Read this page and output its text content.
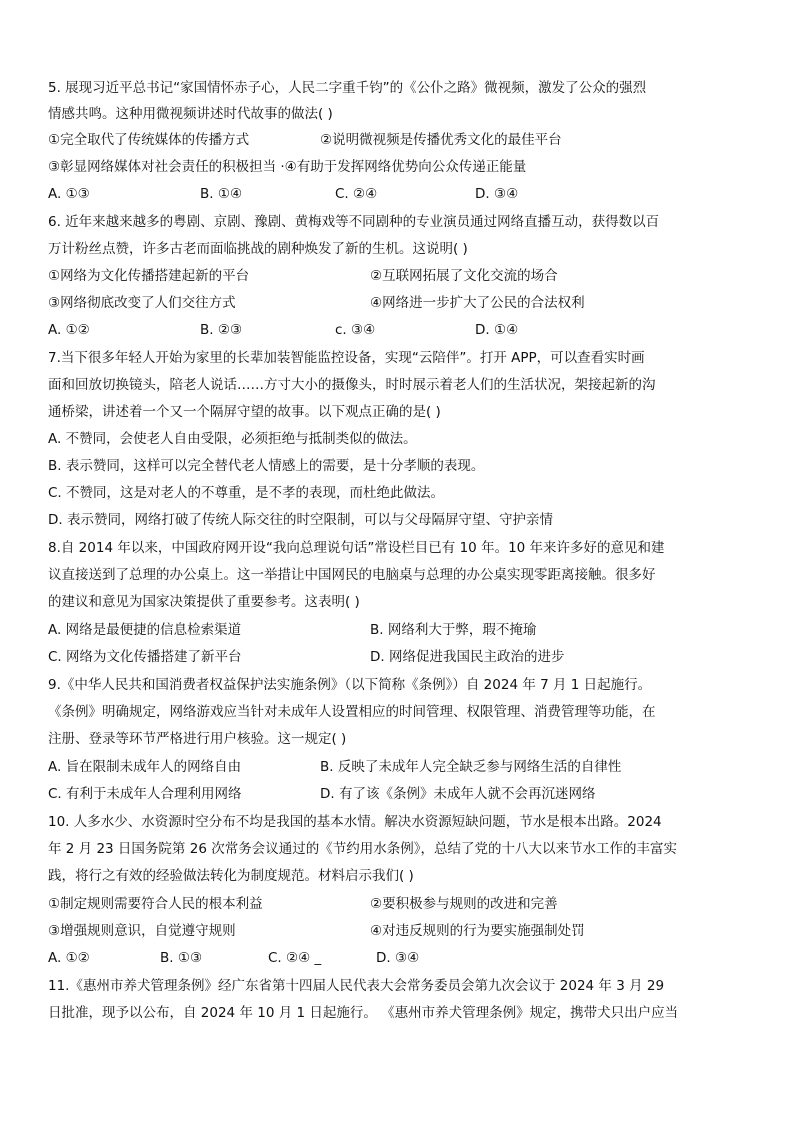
5. 展现习近平总书记“家国情怀赤子心，人民二字重千钧”的《公仆之路》微视频，激发了公众的强烈
情感共鸣。这种用微视频讲述时代故事的做法( )
①完全取代了传统媒体的传播方式	②说明微视频是传播优秀文化的最佳平台
③彰显网络媒体对社会责任的积极担当 ·④有助于发挥网络优势向公众传递正能量
A. ①③	B. ①④	C. ②④	D. ③④
6. 近年来越来越多的粤剧、京剧、豫剧、黄梅戏等不同剧种的专业演员通过网络直播互动，获得数以百
万计粉丝点赞，许多古老而面临挑战的剧种焕发了新的生机。这说明( )
①网络为文化传播搭建起新的平台	②互联网拓展了文化交流的场合
③网络彻底改变了人们交往方式	④网络进一步扩大了公民的合法权利
A. ①②	B. ②③	c. ③④	D. ①④
7.当下很多年轻人开始为家里的长辈加装智能监控设备，实现“云陪伴”。打开 APP，可以查看实时画
面和回放切换镜头，陪老人说话……方寸大小的摄像头，时时展示着老人们的生活状况，架接起新的沟
通桥梁，讲述着一个又一个隔屏守望的故事。以下观点正确的是( )
A. 不赞同，会使老人自由受限，必须拒绝与抵制类似的做法。
B. 表示赞同，这样可以完全替代老人情感上的需要，是十分孝顺的表现。
C. 不赞同，这是对老人的不尊重，是不孝的表现，而杜绝此做法。
D. 表示赞同，网络打破了传统人际交往的时空限制，可以与父母隔屏守望、守护亲情
8.自 2014 年以来，中国政府网开设“我向总理说句话”常设栏目已有 10 年。10 年来许多好的意见和建
议直接送到了总理的办公桌上。这一举措让中国网民的电脑桌与总理的办公桌实现零距离接触。很多好
的建议和意见为国家决策提供了重要参考。这表明( )
A. 网络是最便捷的信息检索渠道	B. 网络利大于弊，瑕不掩瑜
C. 网络为文化传播搭建了新平台	D. 网络促进我国民主政治的进步
9.《中华人民共和国消费者权益保护法实施条例》（以下简称《条例》）自 2024 年 7 月 1 日起施行。
《条例》明确规定，网络游戏应当针对未成年人设置相应的时间管理、权限管理、消费管理等功能，在
注册、登录等环节严格进行用户核验。这一规定( )
A. 旨在限制未成年人的网络自由	B. 反映了未成年人完全缺乏参与网络生活的自律性
C. 有利于未成年人合理利用网络	D. 有了该《条例》未成年人就不会再沉迷网络
10. 人多水少、水资源时空分布不均是我国的基本水情。解决水资源短缺问题，节水是根本出路。2024
年 2 月 23 日国务院第 26 次常务会议通过的《节约用水条例》，总结了党的十八大以来节水工作的丰富实
践，将行之有效的经验做法转化为制度规范。材料启示我们( )
①制定规则需要符合人民的根本利益	②要积极参与规则的改进和完善
③增强规则意识，自觉遵守规则	④对违反规则的行为要实施强制处罚
A. ①②	B. ①③	C. ②④ _	D. ③④
11.《惠州市养犬管理条例》经广东省第十四届人民代表大会常务委员会第九次会议于 2024 年 3 月 29
日批准，现予以公布，自 2024 年 10 月 1 日起施行。 《惠州市养犬管理条例》规定，携带犬只出户应当
